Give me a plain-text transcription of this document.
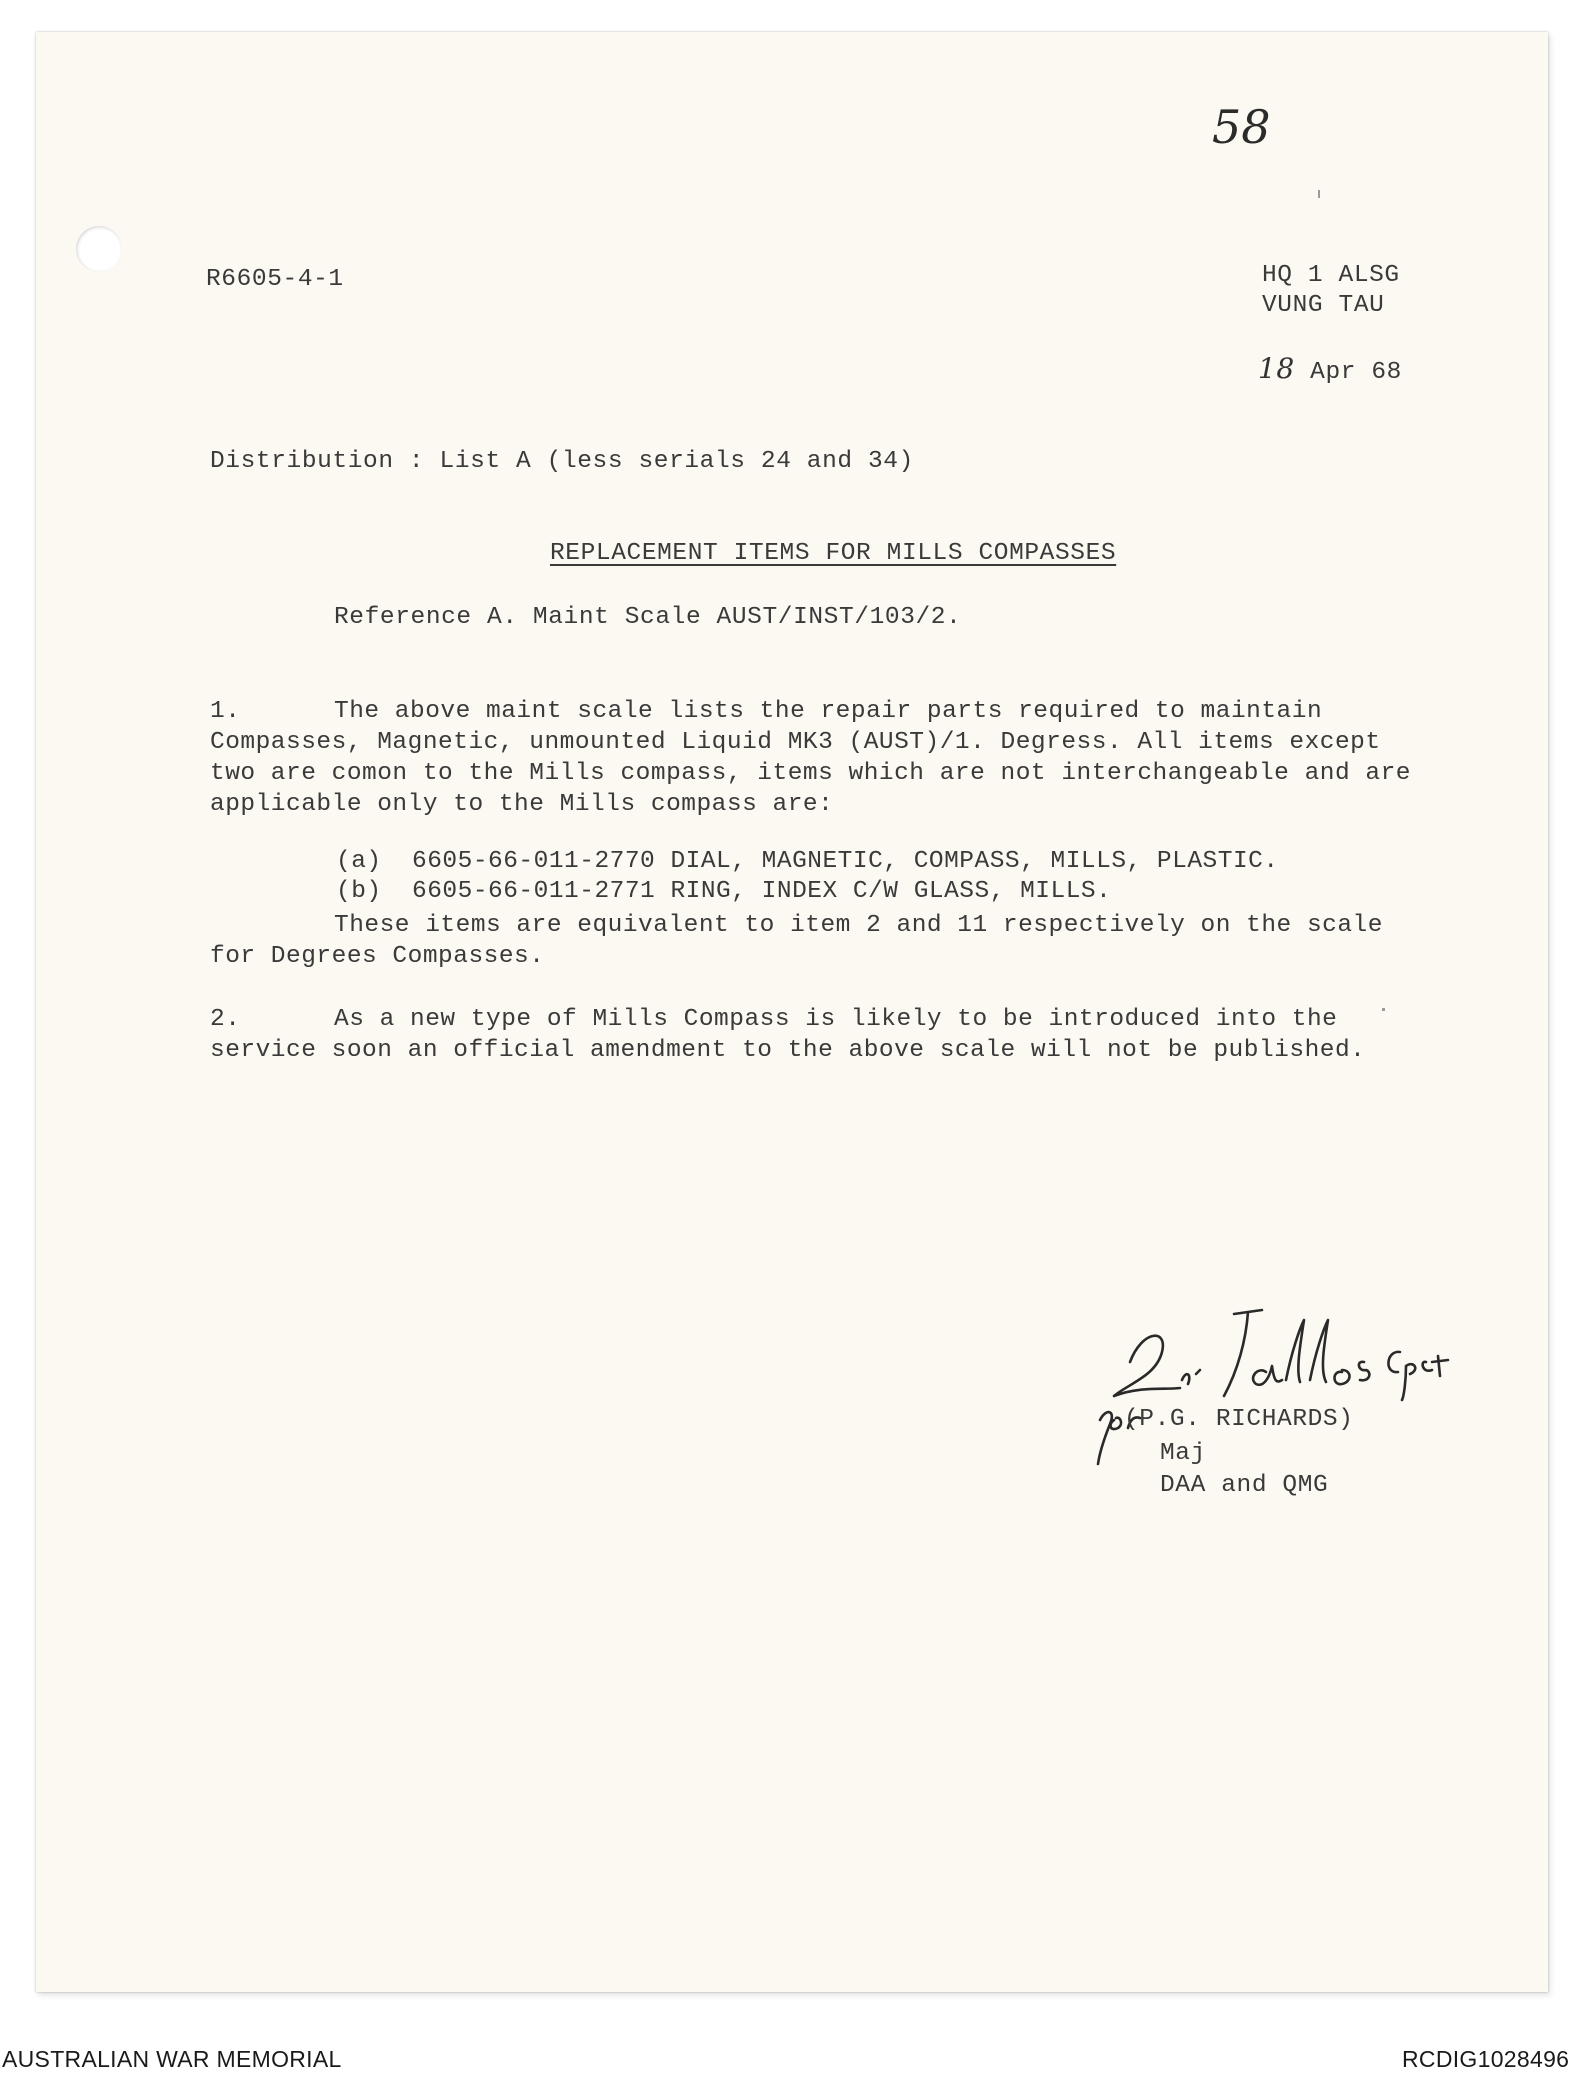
58
R6605-4-1	HQ 1 ALSG
VUNG TAU
18 Apr 68
Distribution : List A (less serials 24 and 34)
REPLACEMENT ITEMS FOR MILLS COMPASSES
Reference A. Maint Scale AUST/INST/103/2.
1.	The above maint scale lists the repair parts required to maintain
Compasses, Magnetic, unmounted Liquid MK3 (AUST)/1. Degress. All items except
two are comon to the Mills compass, items which are not interchangeable and are
applicable only to the Mills compass are:
(a)  6605-66-011-2770 DIAL, MAGNETIC, COMPASS, MILLS, PLASTIC.
(b)  6605-66-011-2771 RING, INDEX C/W GLASS, MILLS.
These items are equivalent to item 2 and 11 respectively on the scale
for Degrees Compasses.
2.	As a new type of Mills Compass is likely to be introduced into the
service soon an official amendment to the above scale will not be published.
(P.G. RICHARDS)
Maj
DAA and QMG
AUSTRALIAN WAR MEMORIAL	RCDIG1028496
